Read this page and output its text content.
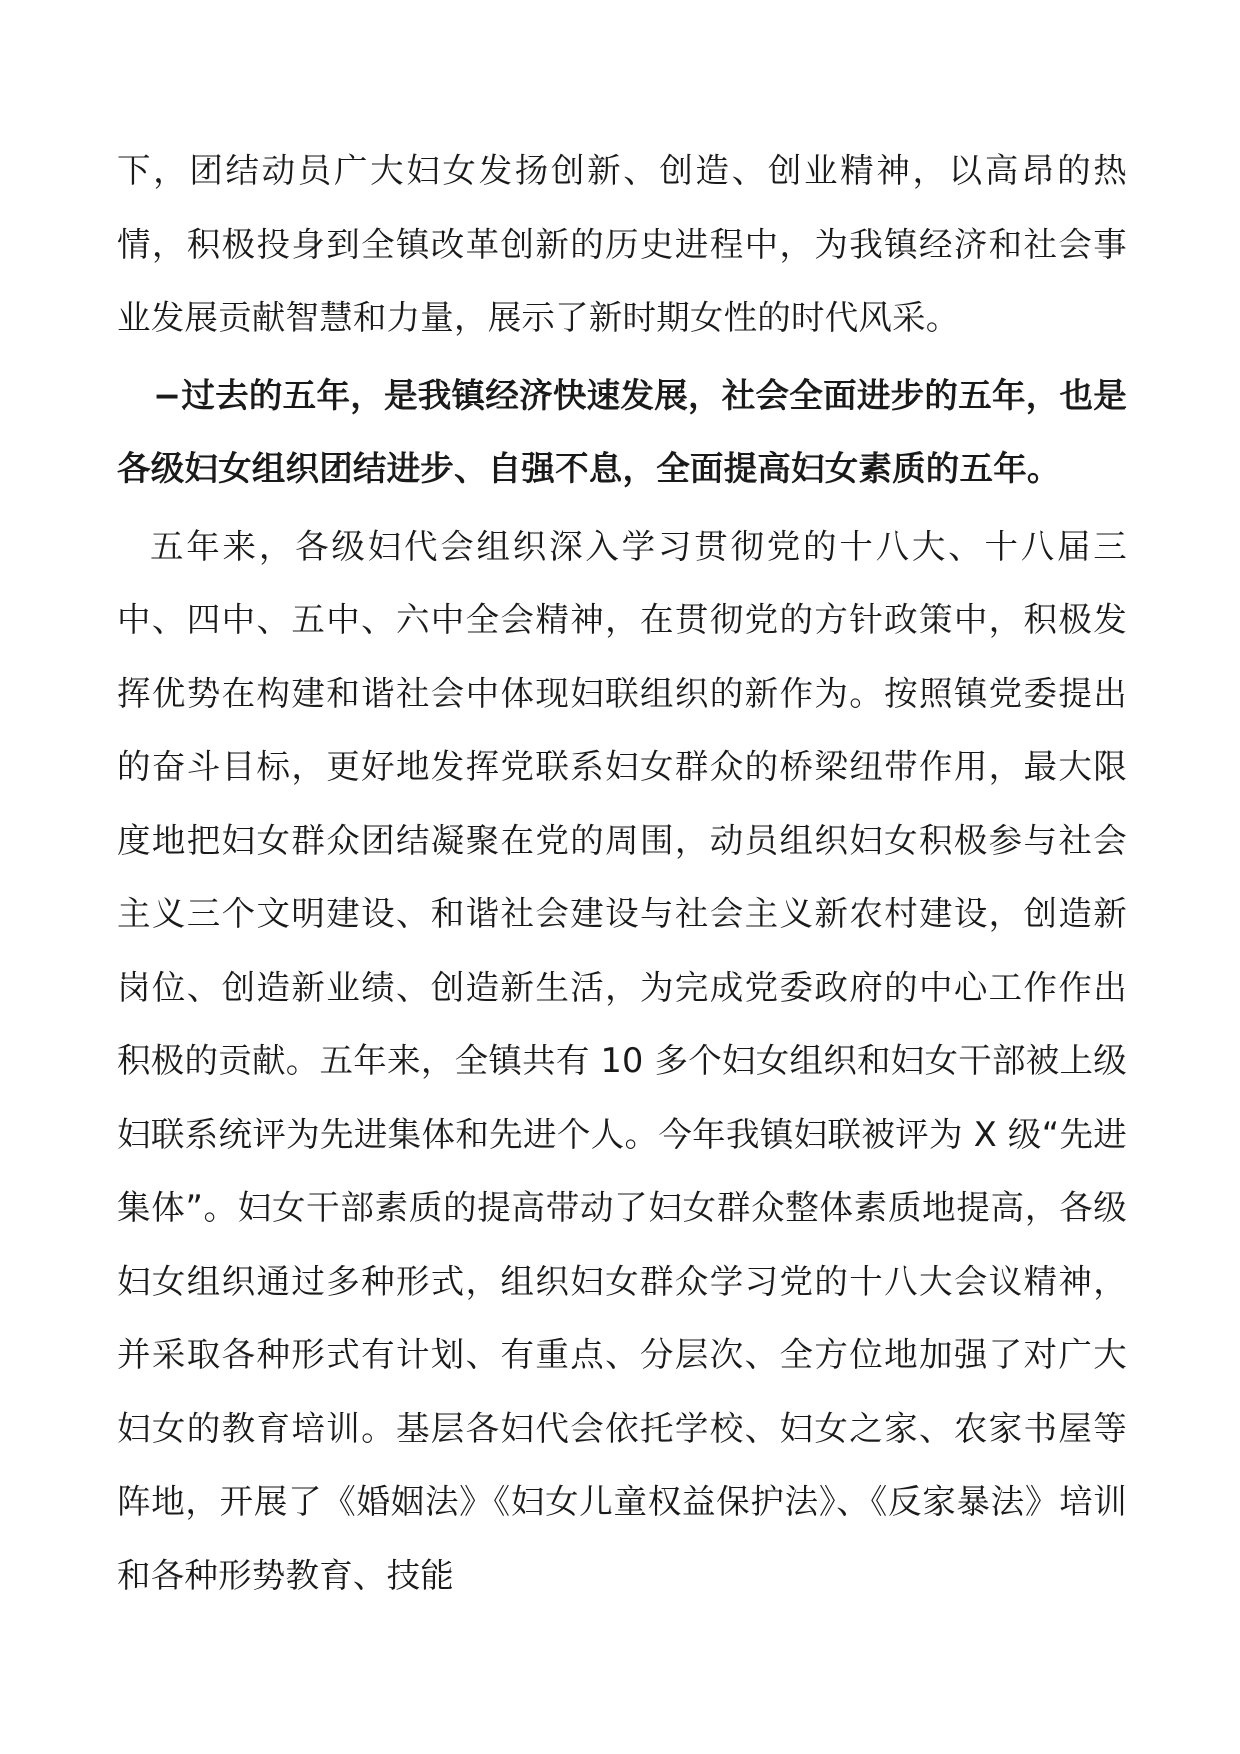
下，团结动员广大妇女发扬创新、创造、创业精神，以高昂的热情，积极投身到全镇改革创新的历史进程中，为我镇经济和社会事业发展贡献智慧和力量，展示了新时期女性的时代风采。

−过去的五年，是我镇经济快速发展，社会全面进步的五年，也是各级妇女组织团结进步、自强不息，全面提高妇女素质的五年。

五年来，各级妇代会组织深入学习贯彻党的十八大、十八届三中、四中、五中、六中全会精神，在贯彻党的方针政策中，积极发挥优势在构建和谐社会中体现妇联组织的新作为。按照镇党委提出的奋斗目标，更好地发挥党联系妇女群众的桥梁纽带作用，最大限度地把妇女群众团结凝聚在党的周围，动员组织妇女积极参与社会主义三个文明建设、和谐社会建设与社会主义新农村建设，创造新岗位、创造新业绩、创造新生活，为完成党委政府的中心工作作出积极的贡献。五年来，全镇共有 10 多个妇女组织和妇女干部被上级妇联系统评为先进集体和先进个人。今年我镇妇联被评为 X 级“先进集体”。妇女干部素质的提高带动了妇女群众整体素质地提高，各级妇女组织通过多种形式，组织妇女群众学习党的十八大会议精神，并采取各种形式有计划、有重点、分层次、全方位地加强了对广大妇女的教育培训。基层各妇代会依托学校、妇女之家、农家书屋等阵地，开展了《婚姻法》《妇女儿童权益保护法》、《反家暴法》培训和各种形势教育、技能
